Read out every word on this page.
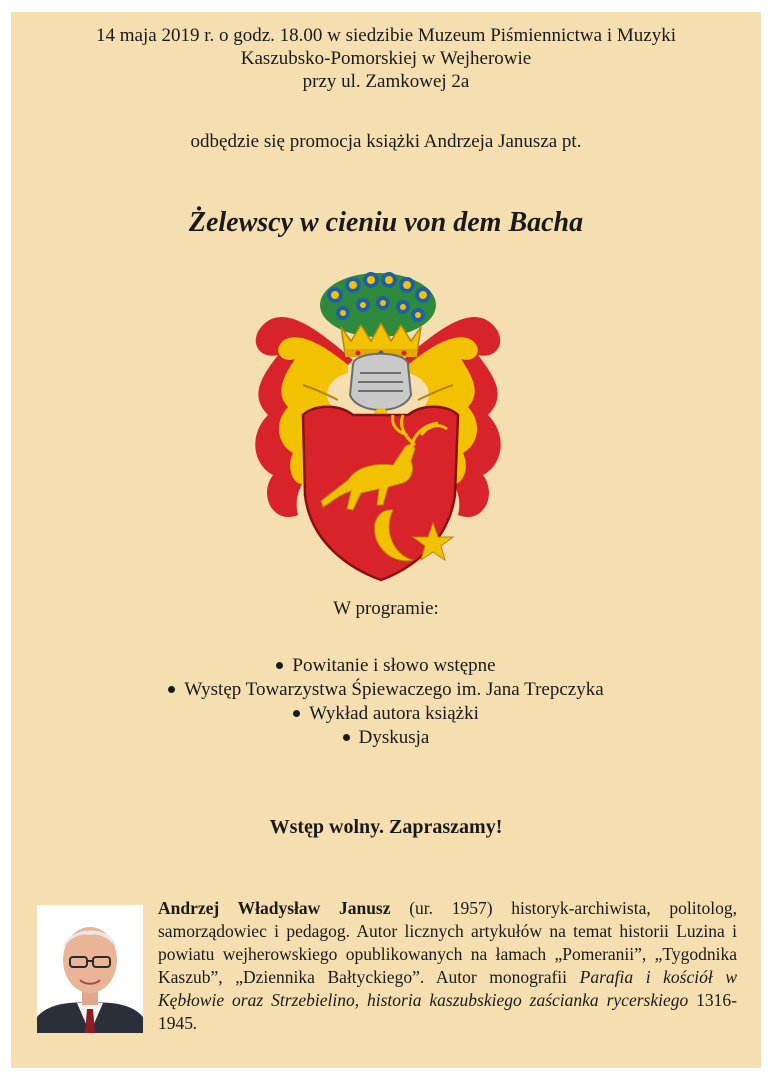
14 maja 2019 r. o godz. 18.00 w siedzibie Muzeum Piśmiennictwa i Muzyki
Kaszubsko-Pomorskiej w Wejherowie
przy ul. Zamkowej 2a
odbędzie się promocja książki Andrzeja Janusza pt.
Żelewscy w cieniu von dem Bacha
W programie:
Powitanie i słowo wstępne
Występ Towarzystwa Śpiewaczego im. Jana Trepczyka
Wykład autora książki
Dyskusja
Wstęp wolny. Zapraszamy!
Andrzej Władysław Janusz (ur. 1957) historyk-archiwista, politolog, samorządowiec i pedagog. Autor licznych artykułów na temat historii Luzina i powiatu wejherowskiego opublikowanych na łamach „Pomeranii”, „Tygodnika Kaszub”, „Dziennika Bałtyckiego”. Autor monografii Parafia i kościół w Kębłowie oraz Strzebielino, historia kaszubskiego zaścianka rycerskiego 1316-1945.
